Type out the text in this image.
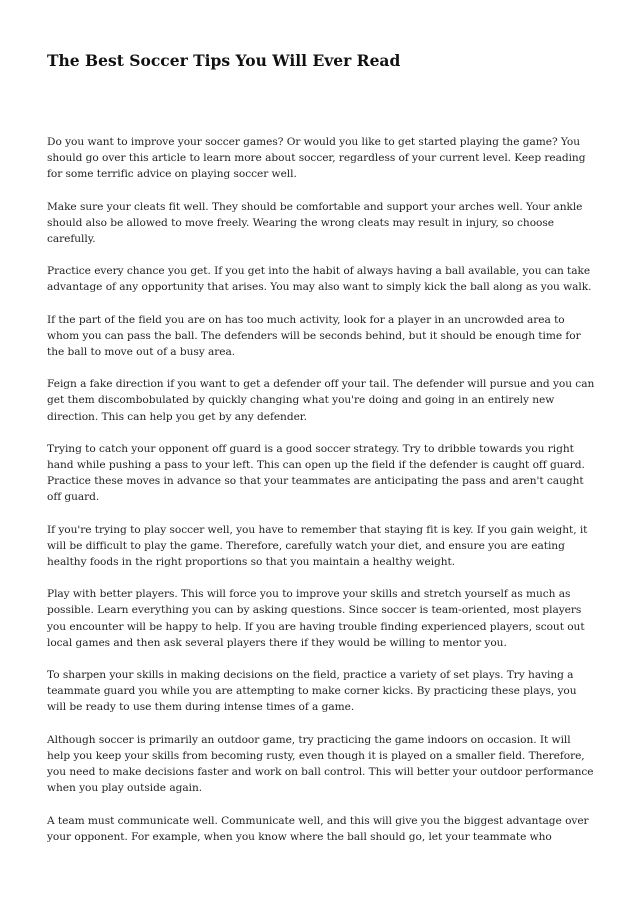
The Best Soccer Tips You Will Ever Read

Do you want to improve your soccer games? Or would you like to get started playing the game? You should go over this article to learn more about soccer, regardless of your current level. Keep reading for some terrific advice on playing soccer well.

Make sure your cleats fit well. They should be comfortable and support your arches well. Your ankle should also be allowed to move freely. Wearing the wrong cleats may result in injury, so choose carefully.

Practice every chance you get. If you get into the habit of always having a ball available, you can take advantage of any opportunity that arises. You may also want to simply kick the ball along as you walk.

If the part of the field you are on has too much activity, look for a player in an uncrowded area to whom you can pass the ball. The defenders will be seconds behind, but it should be enough time for the ball to move out of a busy area.

Feign a fake direction if you want to get a defender off your tail. The defender will pursue and you can get them discombobulated by quickly changing what you're doing and going in an entirely new direction. This can help you get by any defender.

Trying to catch your opponent off guard is a good soccer strategy. Try to dribble towards you right hand while pushing a pass to your left. This can open up the field if the defender is caught off guard. Practice these moves in advance so that your teammates are anticipating the pass and aren't caught off guard.

If you're trying to play soccer well, you have to remember that staying fit is key. If you gain weight, it will be difficult to play the game. Therefore, carefully watch your diet, and ensure you are eating healthy foods in the right proportions so that you maintain a healthy weight.

Play with better players. This will force you to improve your skills and stretch yourself as much as possible. Learn everything you can by asking questions. Since soccer is team-oriented, most players you encounter will be happy to help. If you are having trouble finding experienced players, scout out local games and then ask several players there if they would be willing to mentor you.

To sharpen your skills in making decisions on the field, practice a variety of set plays. Try having a teammate guard you while you are attempting to make corner kicks. By practicing these plays, you will be ready to use them during intense times of a game.

Although soccer is primarily an outdoor game, try practicing the game indoors on occasion. It will help you keep your skills from becoming rusty, even though it is played on a smaller field. Therefore, you need to make decisions faster and work on ball control. This will better your outdoor performance when you play outside again.

A team must communicate well. Communicate well, and this will give you the biggest advantage over your opponent. For example, when you know where the ball should go, let your teammate who
